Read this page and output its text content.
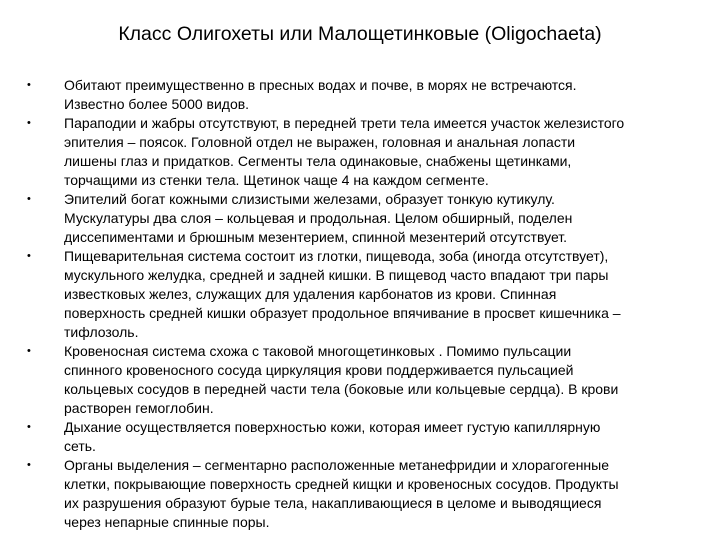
Класс Олигохеты или Малощетинковые (Oligochaeta)
•	Обитают преимущественно в пресных водах и почве, в морях не встречаются.
Известно более 5000 видов.
•	Параподии и жабры отсутствуют, в передней трети тела имеется участок железистого
эпителия – поясок. Головной отдел не выражен, головная и анальная лопасти
лишены глаз и придатков. Сегменты тела одинаковые, снабжены щетинками,
торчащими из стенки тела. Щетинок чаще 4 на каждом сегменте.
•	Эпителий богат кожными слизистыми железами, образует тонкую кутикулу.
Мускулатуры два слоя – кольцевая и продольная. Целом обширный, поделен
диссепиментами и брюшным мезентерием, спинной мезентерий отсутствует.
•	Пищеварительная система состоит из глотки, пищевода, зоба (иногда отсутствует),
мускульного желудка, средней и задней кишки. В пищевод часто впадают три пары
известковых желез, служащих для удаления карбонатов из крови. Спинная
поверхность средней кишки образует продольное впячивание в просвет кишечника –
тифлозоль.
•	Кровеносная система схожа с таковой многощетинковых . Помимо пульсации
спинного кровеносного сосуда циркуляция крови поддерживается пульсацией
кольцевых сосудов в передней части тела (боковые или кольцевые сердца). В крови
растворен гемоглобин.
•	Дыхание осуществляется поверхностью кожи, которая имеет густую капиллярную
сеть.
•	Органы выделения – сегментарно расположенные метанефридии и хлорагогенные
клетки, покрывающие поверхность средней кищки и кровеносных сосудов. Продукты
их разрушения образуют бурые тела, накапливающиеся в целоме и выводящиеся
через непарные спинные поры.
